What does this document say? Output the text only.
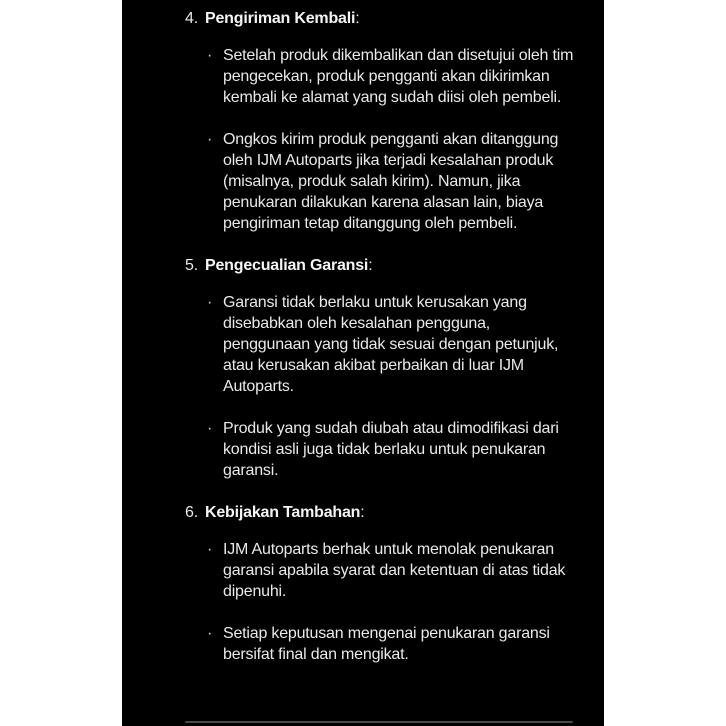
4. Pengiriman Kembali:
· Setelah produk dikembalikan dan disetujui oleh tim pengecekan, produk pengganti akan dikirimkan kembali ke alamat yang sudah diisi oleh pembeli.
· Ongkos kirim produk pengganti akan ditanggung oleh IJM Autoparts jika terjadi kesalahan produk (misalnya, produk salah kirim). Namun, jika penukaran dilakukan karena alasan lain, biaya pengiriman tetap ditanggung oleh pembeli.
5. Pengecualian Garansi:
· Garansi tidak berlaku untuk kerusakan yang disebabkan oleh kesalahan pengguna, penggunaan yang tidak sesuai dengan petunjuk, atau kerusakan akibat perbaikan di luar IJM Autoparts.
· Produk yang sudah diubah atau dimodifikasi dari kondisi asli juga tidak berlaku untuk penukaran garansi.
6. Kebijakan Tambahan:
· IJM Autoparts berhak untuk menolak penukaran garansi apabila syarat dan ketentuan di atas tidak dipenuhi.
· Setiap keputusan mengenai penukaran garansi bersifat final dan mengikat.
